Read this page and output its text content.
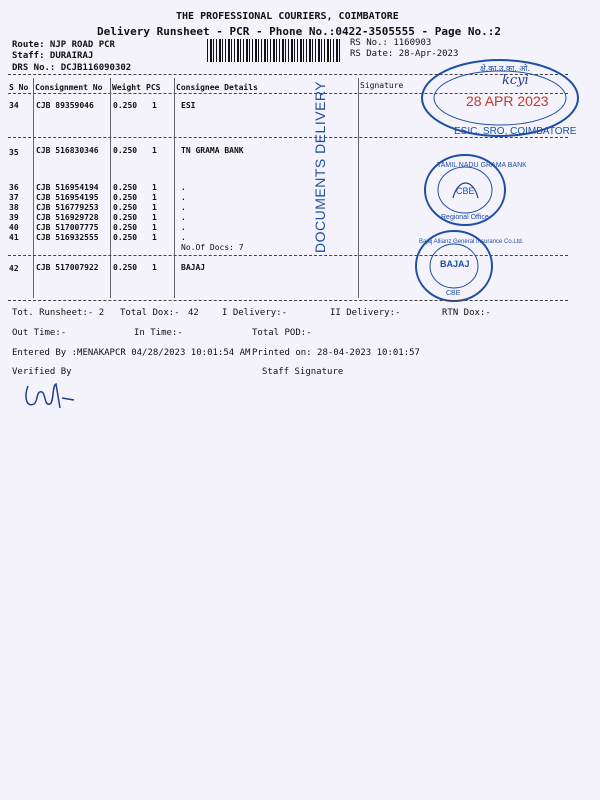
THE PROFESSIONAL COURIERS, COIMBATORE
Delivery Runsheet - PCR - Phone No.:0422-3505555 - Page No.:2
Route: NJP ROAD PCR
Staff: DURAIRAJ
DRS No.: DCJB116090302
RS No.: 1160903
RS Date: 28-Apr-2023
S No Consignment No Weight PCS Consignee Details	Signature
34 CJB 89359046 0.250 1	ESI
35 CJB 516830346 0.250 1	TN GRAMA BANK
36 CJB 516954194 0.250 1	.
37 CJB 516954195 0.250 1	.
38 CJB 516779253 0.250 1	.
39 CJB 516929728 0.250 1	.
40 CJB 517007775 0.250 1	.
41 CJB 516932555 0.250 1	.
No.Of Docs: 7
42 CJB 517007922 0.250 1	BAJAJ
DOCUMENTS DELIVERY
क्षे.का.उ.का. ओ.
28 APR 2023
ESIC, SRO, COIMBATORE
kcyi
TAMIL NADU GRAMA BANK
Regional Office
CBE
Bajaj Allianz General Insurance Co.Ltd.
BAJAJ
CBE
Tot. Runsheet:- 2 Total Dox:- 42	I Delivery:-	II Delivery:-	RTN Dox:-
Out Time:-	In Time:-	Total POD:-
Entered By :MENAKAPCR 04/28/2023 10:01:54 AM Printed on: 28-04-2023 10:01:57
Verified By	Staff Signature
